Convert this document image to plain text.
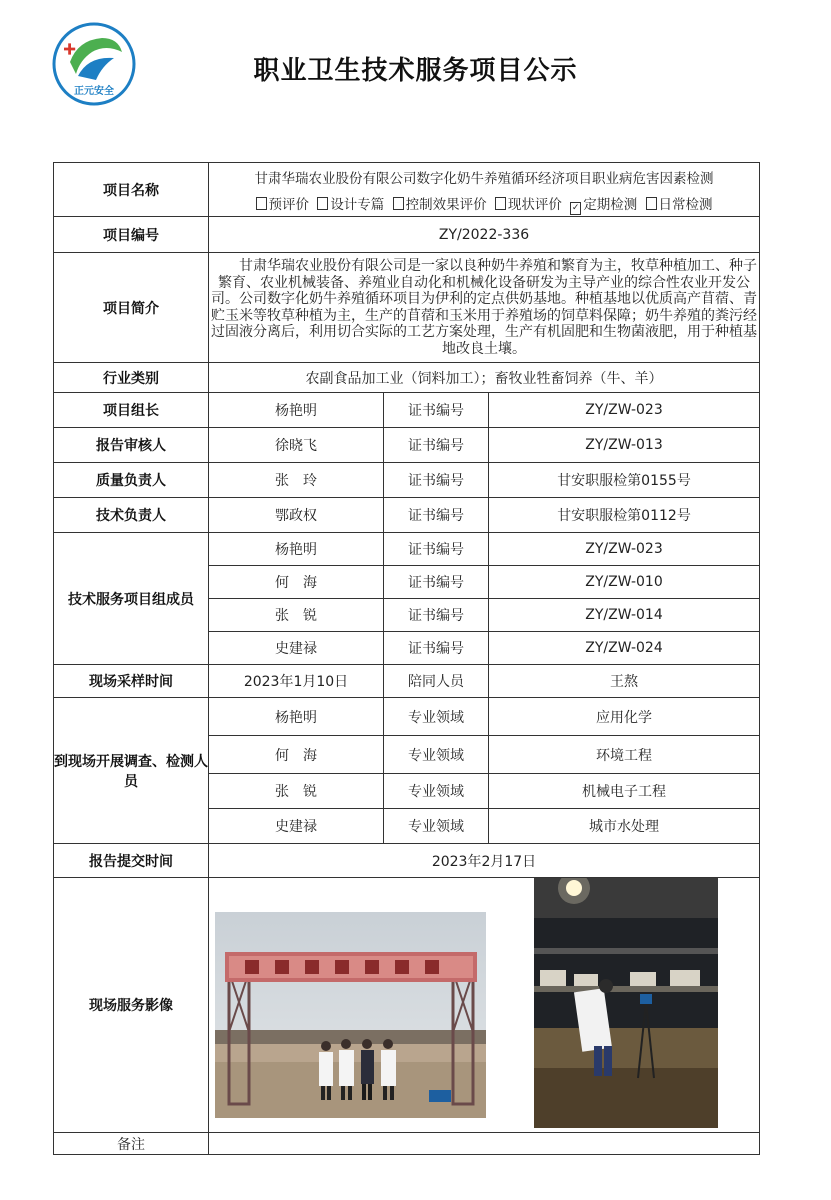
正元安全
职业卫生技术服务项目公示
项目名称	甘肃华瑞农业股份有限公司数字化奶牛养殖循环经济项目职业病危害因素检测
预评价 设计专篇 控制效果评价 现状评价 ✓ 定期检测 日常检测		

项目编号	ZY/2022-336		
项目简介	甘肃华瑞农业股份有限公司是一家以良种奶牛养殖和繁育为主，牧草种植加工、种子繁育、农业机械装备、养殖业自动化和机械化设备研发为主导产业的综合性农业开发公司。公司数字化奶牛养殖循环项目为伊利的定点供奶基地。种植基地以优质高产苜蓿、青贮玉米等牧草种植为主，生产的苜蓿和玉米用于养殖场的饲草料保障；奶牛养殖的粪污经过固液分离后，利用切合实际的工艺方案处理，生产有机固肥和生物菌液肥，用于种植基地改良土壤。		
行业类别	农副食品加工业（饲料加工）；畜牧业牲畜饲养（牛、羊）		
项目组长	杨艳明	证书编号	ZY/ZW-023
报告审核人	徐晓飞	证书编号	ZY/ZW-013
质量负责人	张　玲	证书编号	甘安职服检第0155号
技术负责人	鄂政权	证书编号	甘安职服检第0112号
技术服务项目组成员	杨艳明	证书编号	ZY/ZW-023
	何　海	证书编号	ZY/ZW-010
	张　锐	证书编号	ZY/ZW-014
	史建禄	证书编号	ZY/ZW-024
现场采样时间	2023年1月10日	陪同人员	王熬
到现场开展调查、检测人员	杨艳明	专业领域	应用化学
	何　海	专业领域	环境工程
	张　锐	专业领域	机械电子工程
	史建禄	专业领域	城市水处理
报告提交时间	2023年2月17日		
现场服务影像	

备注			
